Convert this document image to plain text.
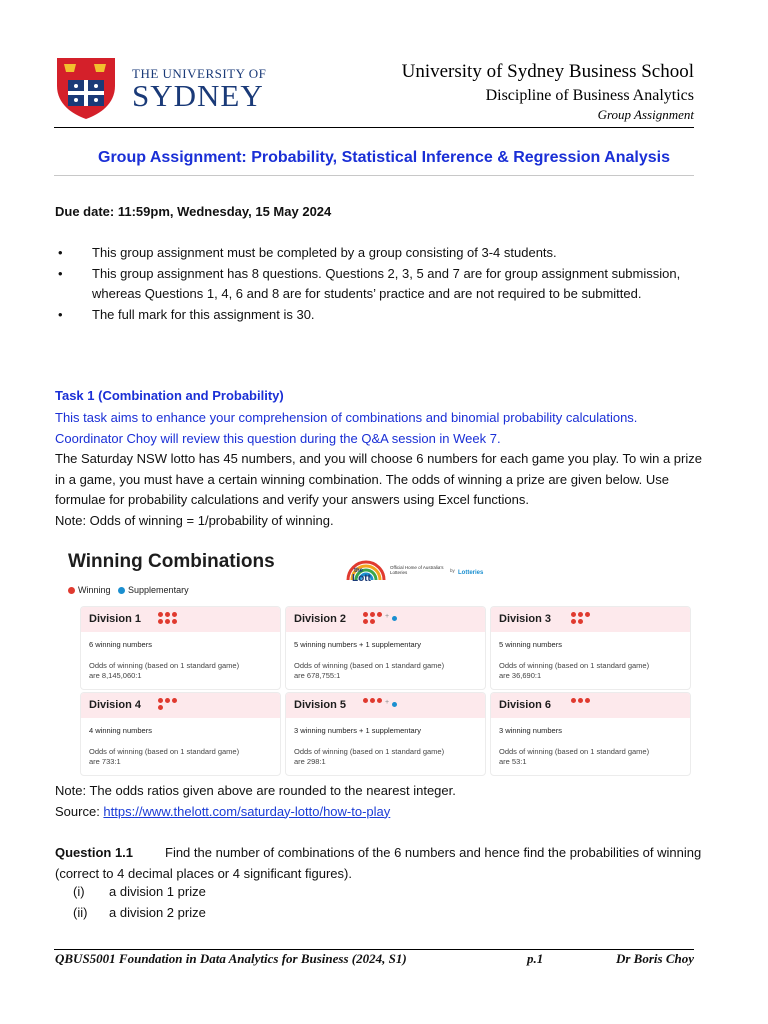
THE UNIVERSITY OF
SYDNEY
University of Sydney Business School
Discipline of Business Analytics
Group Assignment
Group Assignment: Probability, Statistical Inference & Regression Analysis
Due date: 11:59pm, Wednesday, 15 May 2024
• This group assignment must be completed by a group consisting of 3-4 students.
• This group assignment has 8 questions. Questions 2, 3, 5 and 7 are for group assignment submission, whereas Questions 1, 4, 6 and 8 are for students’ practice and are not required to be submitted.
• The full mark for this assignment is 30.
Task 1 (Combination and Probability)
This task aims to enhance your comprehension of combinations and binomial probability calculations.
Coordinator Choy will review this question during the Q&A session in Week 7.
The Saturday NSW lotto has 45 numbers, and you will choose 6 numbers for each game you play. To win a prize in a game, you must have a certain winning combination. The odds of winning a prize are given below. Use formulae for probability calculations and verify your answers using Excel functions.
Note: Odds of winning = 1/probability of winning.
Winning Combinations
Winning Supplementary
the
Lott
Official Home of Australia's Lotteries	by Lotteries
Division 1
6 winning numbers
Odds of winning (based on 1 standard game)
are 8,145,060:1
Division 2	+
5 winning numbers + 1 supplementary
Odds of winning (based on 1 standard game)
are 678,755:1
Division 3
5 winning numbers
Odds of winning (based on 1 standard game)
are 36,690:1
Division 4
4 winning numbers
Odds of winning (based on 1 standard game)
are 733:1
Division 5	+
3 winning numbers + 1 supplementary
Odds of winning (based on 1 standard game)
are 298:1
Division 6
3 winning numbers
Odds of winning (based on 1 standard game)
are 53:1
Note: The odds ratios given above are rounded to the nearest integer.
Source: https://www.thelott.com/saturday-lotto/how-to-play
Question 1.1 Find the number of combinations of the 6 numbers and hence find the probabilities of winning (correct to 4 decimal places or 4 significant figures).
(i) a division 1 prize
(ii) a division 2 prize
QBUS5001 Foundation in Data Analytics for Business (2024, S1)	p.1	Dr Boris Choy
